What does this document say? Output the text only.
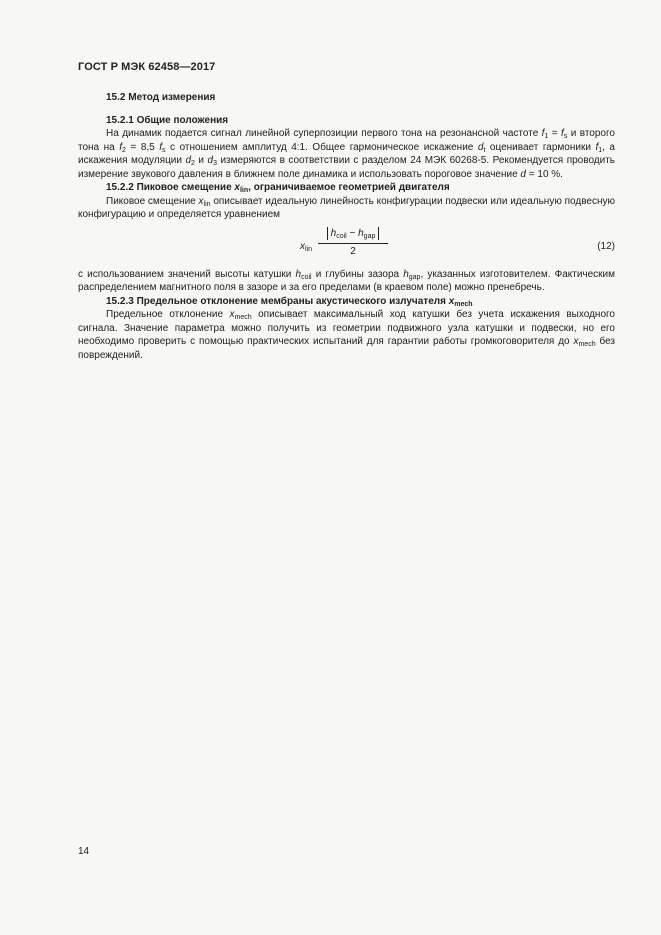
ГОСТ Р МЭК 62458—2017
15.2 Метод измерения
15.2.1 Общие положения

На динамик подается сигнал линейной суперпозиции первого тона на резонансной частоте $f_1 = f_s$ и второго тона на $f_2 = 8,5$ $f_s$ с отношением амплитуд 4:1. Общее гармоническое искажение $d_t$ оценивает гармоники $f_1$, а искажения модуляции $d_2$ и $d_3$ измеряются в соответствии с разделом 24 МЭК 60268-5. Рекомендуется проводить измерение звукового давления в ближнем поле динамика и использовать пороговое значение d = 10 %.

15.2.2 Пиковое смещение $x_{lin}$, ограничиваемое геометрией двигателя

Пиковое смещение $x_{lin}$ описывает идеальную линейность конфигурации подвески или идеальную подвесную конфигурацию и определяется уравнением

$x_{lin}$
$h_{coil} - h_{gap}$
2	(12)

с использованием значений высоты катушки $h_{coil}$ и глубины зазора $h_{gap}$, указанных изготовителем. Фактическим распределением магнитного поля в зазоре и за его пределами (в краевом поле) можно пренебречь.

15.2.3 Предельное отклонение мембраны акустического излучателя $x_{mech}$

Предельное отклонение $x_{mech}$ описывает максимальный ход катушки без учета искажения выходного сигнала. Значение параметра можно получить из геометрии подвижного узла катушки и подвески, но его необходимо проверить с помощью практических испытаний для гарантии работы громкоговорителя до $x_{mech}$ без повреждений.

14
